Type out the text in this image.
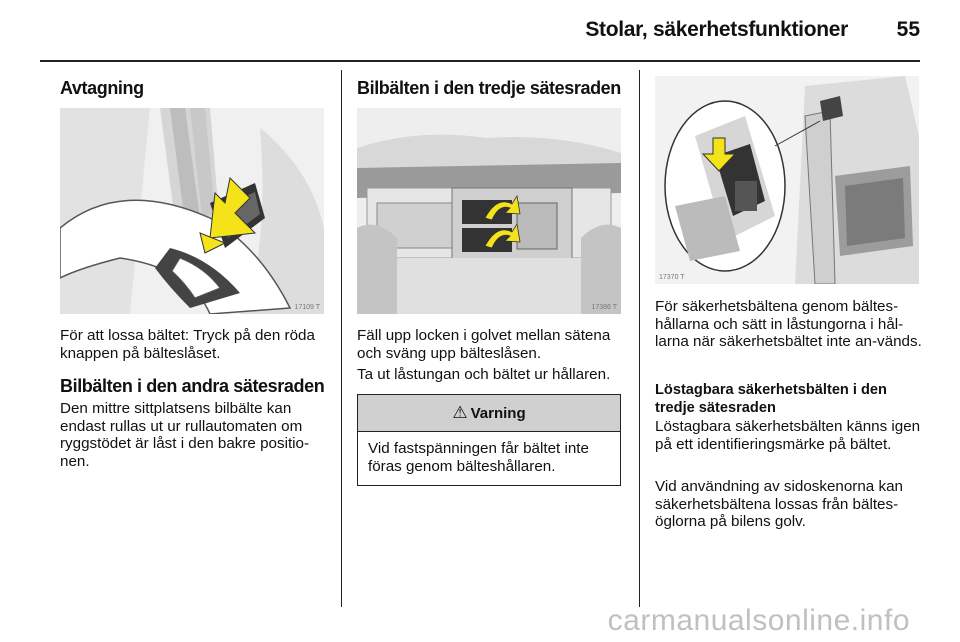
Stolar, säkerhetsfunktioner 55
Avtagning
17109 T
För att lossa bältet: Tryck på den röda knappen på bälteslåset.
Bilbälten i den andra sätesraden
Den mittre sittplatsens bilbälte kan endast rullas ut ur rullautomaten om ryggstödet är låst i den bakre positio-nen.
Bilbälten i den tredje sätesraden
17386 T
Fäll upp locken i golvet mellan sätena och sväng upp bälteslåsen.
Ta ut låstungan och bältet ur hållaren.
⚠ Varning
Vid fastspänningen får bältet inte föras genom bälteshållaren.
17370 T
För säkerhetsbältena genom bältes-hållarna och sätt in låstungorna i hål-larna när säkerhetsbältet inte an-vänds.
Löstagbara säkerhetsbälten i den tredje sätesraden
Löstagbara säkerhetsbälten känns igen på ett identifieringsmärke på bältet.
Vid användning av sidoskenorna kan säkerhetsbältena lossas från bältes-öglorna på bilens golv.
carmanualsonline.info
